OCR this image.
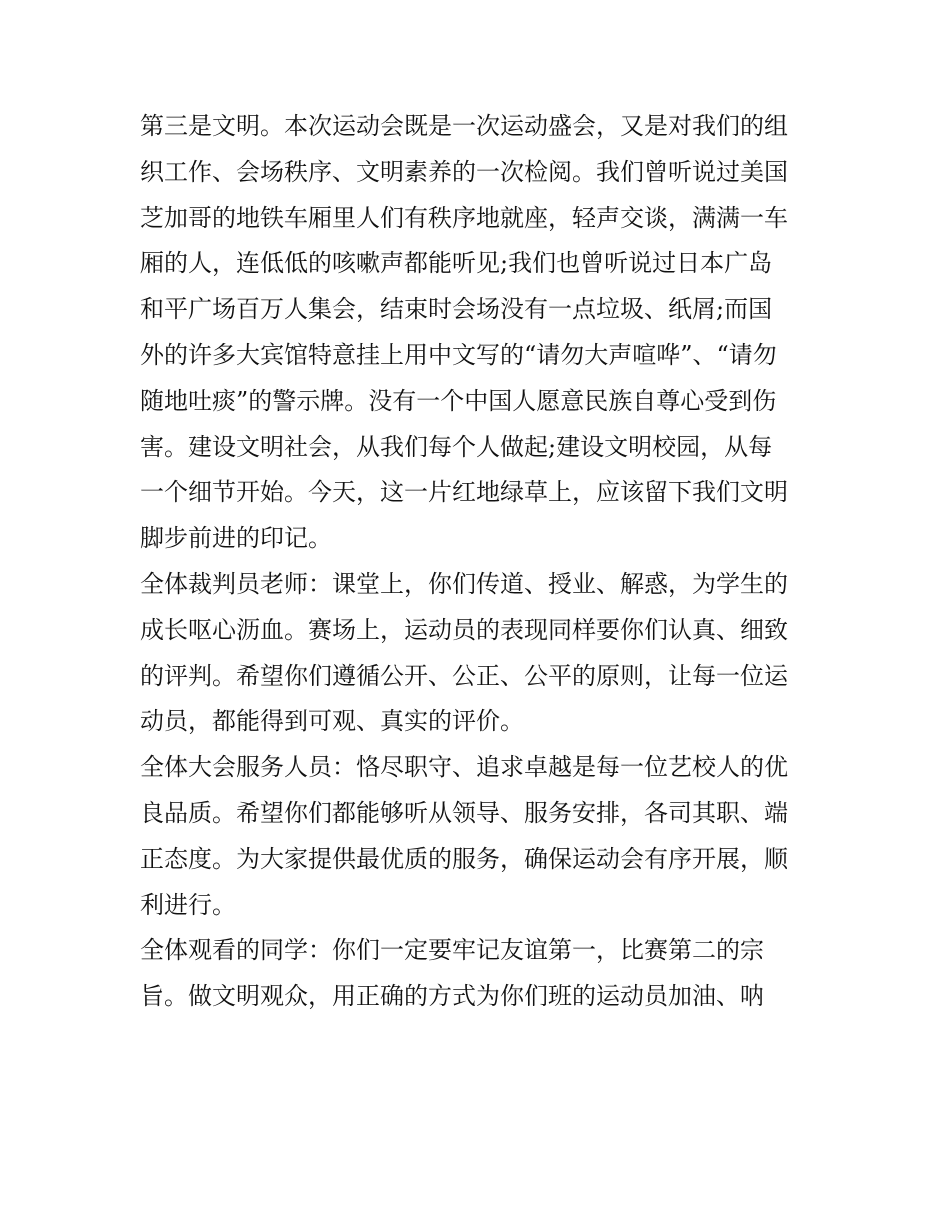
第三是文明。本次运动会既是一次运动盛会，又是对我们的组
织工作、会场秩序、文明素养的一次检阅。我们曾听说过美国
芝加哥的地铁车厢里人们有秩序地就座，轻声交谈，满满一车
厢的人，连低低的咳嗽声都能听见;我们也曾听说过日本广岛
和平广场百万人集会，结束时会场没有一点垃圾、纸屑;而国
外的许多大宾馆特意挂上用中文写的“请勿大声喧哗”、“请勿
随地吐痰”的警示牌。没有一个中国人愿意民族自尊心受到伤
害。建设文明社会，从我们每个人做起;建设文明校园，从每
一个细节开始。今天，这一片红地绿草上，应该留下我们文明
脚步前进的印记。
全体裁判员老师：课堂上，你们传道、授业、解惑，为学生的
成长呕心沥血。赛场上，运动员的表现同样要你们认真、细致
的评判。希望你们遵循公开、公正、公平的原则，让每一位运
动员，都能得到可观、真实的评价。
全体大会服务人员：恪尽职守、追求卓越是每一位艺校人的优
良品质。希望你们都能够听从领导、服务安排，各司其职、端
正态度。为大家提供最优质的服务，确保运动会有序开展，顺
利进行。
全体观看的同学：你们一定要牢记友谊第一，比赛第二的宗
旨。做文明观众，用正确的方式为你们班的运动员加油、呐
